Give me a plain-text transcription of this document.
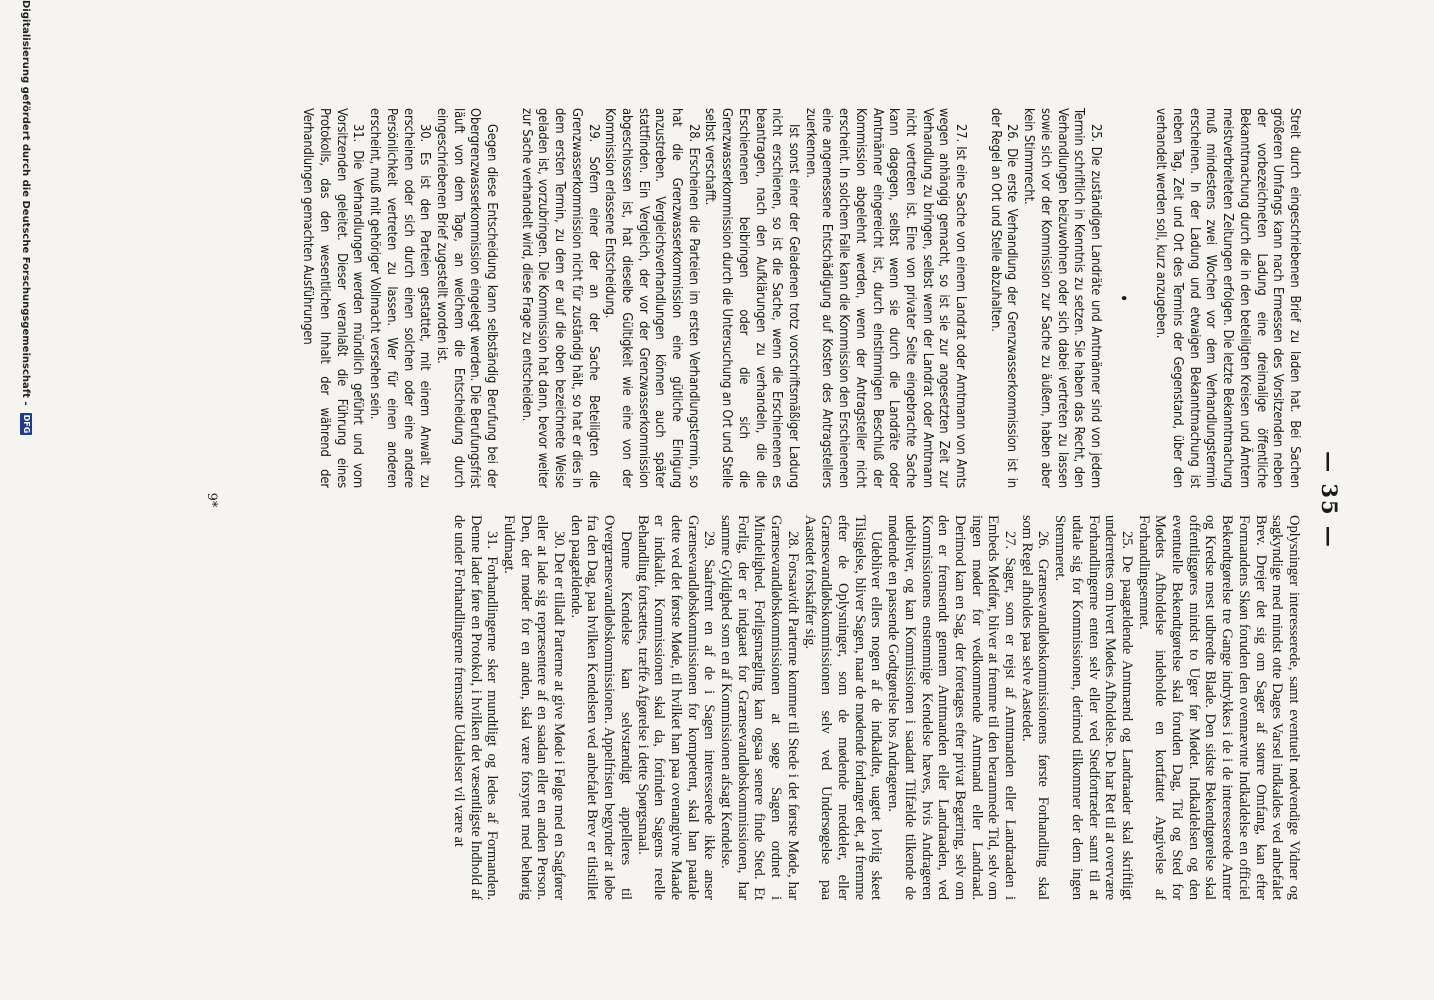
— 35 —

Streit durch eingeschriebenen Brief zu laden hat. Bei Sachen größeren Umfangs kann nach Ermessen des Vorsitzenden neben der vorbezeichneten Ladung eine dreimalige öffentliche Bekanntmachung durch die in den beteiligten Kreisen und Ämtern meistverbreiteten Zeitungen erfolgen. Die letzte Bekanntmachung muß mindestens zwei Wochen vor dem Verhandlungstermin erscheinen. In der Ladung und etwaigen Bekanntmachung ist neben Tag, Zeit und Ort des Termins der Gegenstand, über den verhandelt werden soll, kurz anzugeben.

•

25. Die zuständigen Landräte und Amtmänner sind von jedem Termin schriftlich in Kenntnis zu setzen. Sie haben das Recht, den Verhandlungen beizuwohnen oder sich dabei vertreten zu lassen sowie sich vor der Kommission zur Sache zu äußern, haben aber kein Stimmrecht.

26. Die erste Verhandlung der Grenzwasserkommission ist in der Regel an Ort und Stelle abzuhalten.

27. Ist eine Sache von einem Landrat oder Amtmann von Amts wegen anhängig gemacht, so ist sie zur angesetzten Zeit zur Verhandlung zu bringen, selbst wenn der Landrat oder Amtmann nicht vertreten ist. Eine von privater Seite eingebrachte Sache kann dagegen, selbst wenn sie durch die Landräte oder Amtmänner eingereicht ist, durch einstimmigen Beschluß der Kommission abgelehnt werden, wenn der Antragsteller nicht erscheint. In solchem Falle kann die Kommission den Erschienenen eine angemessene Entschädigung auf Kosten des Antragstellers zuerkennen.

Ist sonst einer der Geladenen trotz vorschriftsmäßiger Ladung nicht erschienen, so ist die Sache, wenn die Erschienenen es beantragen, nach den Aufklärungen zu verhandeln, die die Erschienenen beibringen oder die sich die Grenzwasserkommission durch die Untersuchung an Ort und Stelle selbst verschafft.

28. Erscheinen die Parteien im ersten Verhandlungstermin, so hat die Grenzwasserkommission eine gütliche Einigung anzustreben. Vergleichsverhandlungen können auch später stattfinden. Ein Vergleich, der vor der Grenzwasserkommission abgeschlossen ist, hat dieselbe Gültigkeit wie eine von der Kommission erlassene Entscheidung.

29. Sofern einer der an der Sache Beteiligten die Grenzwasserkommission nicht für zuständig hält, so hat er dies in dem ersten Termin, zu dem er auf die oben bezeichnete Weise geladen ist, vorzubringen. Die Kommission hat dann, bevor weiter zur Sache verhandelt wird, diese Frage zu entscheiden.

Gegen diese Entscheidung kann selbständig Berufung bei der Obergrenzwasserkommission eingelegt werden. Die Berufungsfrist läuft von dem Tage, an welchem die Entscheidung durch eingeschriebenen Brief zugestellt worden ist.

30. Es ist den Parteien gestattet, mit einem Anwalt zu erscheinen oder sich durch einen solchen oder eine andere Persönlichkeit vertreten zu lassen. Wer für einen anderen erscheint, muß mit gehöriger Vollmacht versehen sein.

31. Die Verhandlungen werden mündlich geführt und vom Vorsitzenden geleitet. Dieser veranlaßt die Führung eines Protokolls, das den wesentlichen Inhalt der während der Verhandlungen gemachten Ausführungen

Oplysninger interesserede, samt eventuelt nødvendige Vidner og sagkyndige med mindst otte Dages Varsel indkaldes ved anbefalet Brev. Drejer det sig om Sager af større Omfang, kan efter Formandens Skøn foruden den ovennævnte Indkaldelse en officiel Bekendtgørelse tre Gange indrykkes i de i de interesserede Amter og Kredse mest udbredte Blade. Den sidste Bekendtgørelse skal offentliggøres mindst to Uger før Mødet. Indkaldelsen og den eventuelle Bekendtgørelse skal foruden Dag, Tid og Sted for Mødets Afholdelse indeholde en kortfattet Angivelse af Forhandlingsemnet.

25. De paagældende Amtmænd og Landraader skal skriftligt underrettes om hvert Mødes Afholdelse. De har Ret til at overvære Forhandlingerne enten selv eller ved Stedfortræder samt til at udtale sig for Kommissionen, derimod tilkommer der dem ingen Stemmeret.

26. Grænsevandløbskommissionens første Forhandling skal som Regel afholdes paa selve Aastedet.

27. Sager, som er rejst af Amtmanden eller Landraaden i Embeds Medfør, bliver at fremme til den berammede Tid, selv om ingen møder for vedkommende Amtmand eller Landraad. Derimod kan en Sag, der foretages efter privat Begæring, selv om den er fremsendt gennem Amtmanden eller Landraaden, ved Kommissionens enstemmige Kendelse hæves, hvis Andrageren udebliver, og kan Kommissionen i saadant Tilfælde tilkende de mødende en passende Godtgørelse hos Andrageren.

Udebliver ellers nogen af de indkaldte, uagtet lovlig skeet Tilsigelse, bliver Sagen, naar de mødende forlanger det, at fremme efter de Oplysninger, som de mødende meddeler, eller Grænsevandløbskommissionen selv ved Undersøgelse paa Aastedet forskaffer sig.

28. Forsaavidt Parterne kommer til Stede i det første Møde, har Grænsevandløbskommissionen at søge Sagen ordnet i Mindelighed. Forligsmægling kan ogsaa senere finde Sted. Et Forlig, der er indgaaet for Grænsevandløbskommissionen, har samme Gyldighed som en af Kommissionen afsagt Kendelse.

29. Saafremt en af de i Sagen interesserede ikke anser Grænsevandløbskommissionen for kompetent, skal han paatale dette ved det første Møde, til hvilket han paa ovenangivne Maade er indkaldt. Kommissionen skal da, forinden Sagens reelle Behandling fortsættes, træffe Afgørelse i dette Spørgsmaal.

Denne Kendelse kan selvstændigt appelleres til Overgrænsevandløbskommissionen. Appelfristen begynder at løbe fra den Dag, paa hvilken Kendelsen ved anbefalet Brev er tilstillet den paagældende.

30. Det er tilladt Parterne at give Møde i Følge med en Sagfører eller at lade sig repræsentere af en saadan eller en anden Person. Den, der møder for en anden, skal være forsynet med behørig Fuldmagt.

31. Forhandlingerne sker mundtligt og ledes af Formanden. Denne lader føre en Protokol, i hvilken det væsentligste Indhold af de under Forhandlingerne fremsatte Udtalelser vil være at

9*
Digitalisierung gefördert durch die Deutsche Forschungsgemeinschaft - DFG
